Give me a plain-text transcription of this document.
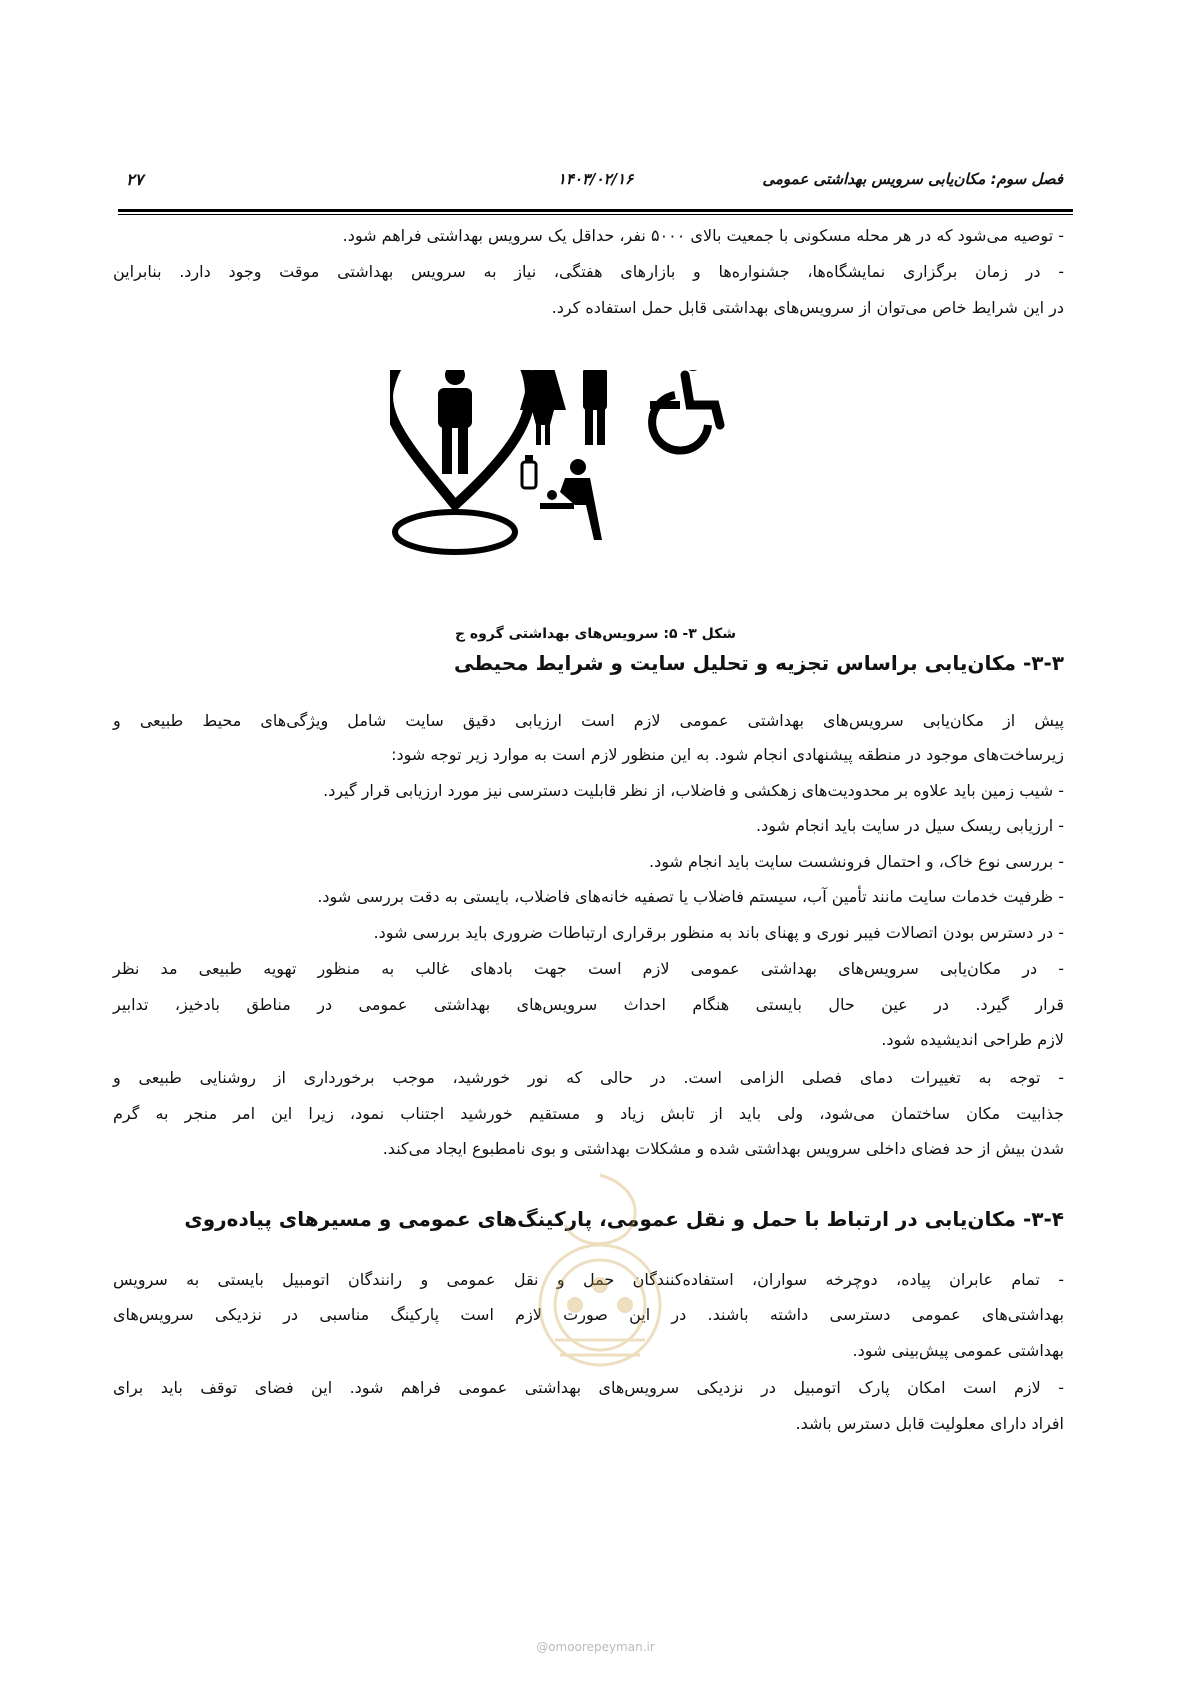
فصل سوم: مکان‌یابی سرویس بهداشتی عمومی
۱۴۰۳/۰۲/۱۶
۲۷
- توصیه می‌شود که در هر محله مسکونی با جمعیت بالای ۵۰۰۰ نفر، حداقل یک سرویس بهداشتی فراهم شود.
- در زمان برگزاری نمایشگاه‌ها، جشنواره‌ها و بازارهای هفتگی، نیاز به سرویس بهداشتی موقت وجود دارد. بنابراین
در این شرایط خاص می‌توان از سرویس‌های بهداشتی قابل حمل استفاده کرد.
شکل ۳- ۵: سرویس‌های بهداشتی گروه ج
۳-۳- مکان‌یابی براساس تجزیه و تحلیل سایت و شرایط محیطی
پیش از مکان‌یابی سرویس‌های بهداشتی عمومی لازم است ارزیابی دقیق سایت شامل ویژگی‌های محیط طبیعی و
زیرساخت‌های موجود در منطقه پیشنهادی انجام شود. به این منظور لازم است به موارد زیر توجه شود:
- شیب زمین باید علاوه بر محدودیت‌های زهکشی و فاضلاب، از نظر قابلیت دسترسی نیز مورد ارزیابی قرار گیرد.
- ارزیابی ریسک سیل در سایت باید انجام شود.
- بررسی نوع خاک، و احتمال فرونشست سایت باید انجام شود.
- ظرفیت خدمات سایت مانند تأمین آب، سیستم فاضلاب یا تصفیه خانه‌های فاضلاب، بایستی به دقت بررسی شود.
- در دسترس بودن اتصالات فیبر نوری و پهنای باند به منظور برقراری ارتباطات ضروری باید بررسی شود.
- در مکان‌یابی سرویس‌های بهداشتی عمومی لازم است جهت بادهای غالب به منظور تهویه طبیعی مد نظر
قرار گیرد. در عین حال بایستی هنگام احداث سرویس‌های بهداشتی عمومی در مناطق بادخیز، تدابیر
لازم طراحی اندیشیده شود.
- توجه به تغییرات دمای فصلی الزامی است. در حالی که نور خورشید، موجب برخورداری از روشنایی طبیعی و
جذابیت مکان ساختمان می‌شود، ولی باید از تابش زیاد و مستقیم خورشید اجتناب نمود، زیرا این امر منجر به گرم
شدن بیش از حد فضای داخلی سرویس بهداشتی شده و مشکلات بهداشتی و بوی نامطبوع ایجاد می‌کند.
۳-۴- مکان‌یابی در ارتباط با حمل و نقل عمومی، پارکینگ‌های عمومی و مسیرهای پیاده‌روی
- تمام عابران پیاده، دوچرخه سواران، استفاده‌کنندگان حمل و نقل عمومی و رانندگان اتومبیل بایستی به سرویس
بهداشتی‌های عمومی دسترسی داشته باشند. در این صورت لازم است پارکینگ مناسبی در نزدیکی سرویس‌های
بهداشتی عمومی پیش‌بینی شود.
- لازم است امکان پارک اتومبیل در نزدیکی سرویس‌های بهداشتی عمومی فراهم شود. این فضای توقف باید برای
افراد دارای معلولیت قابل دسترس باشد.
@omoorepeyman.ir
